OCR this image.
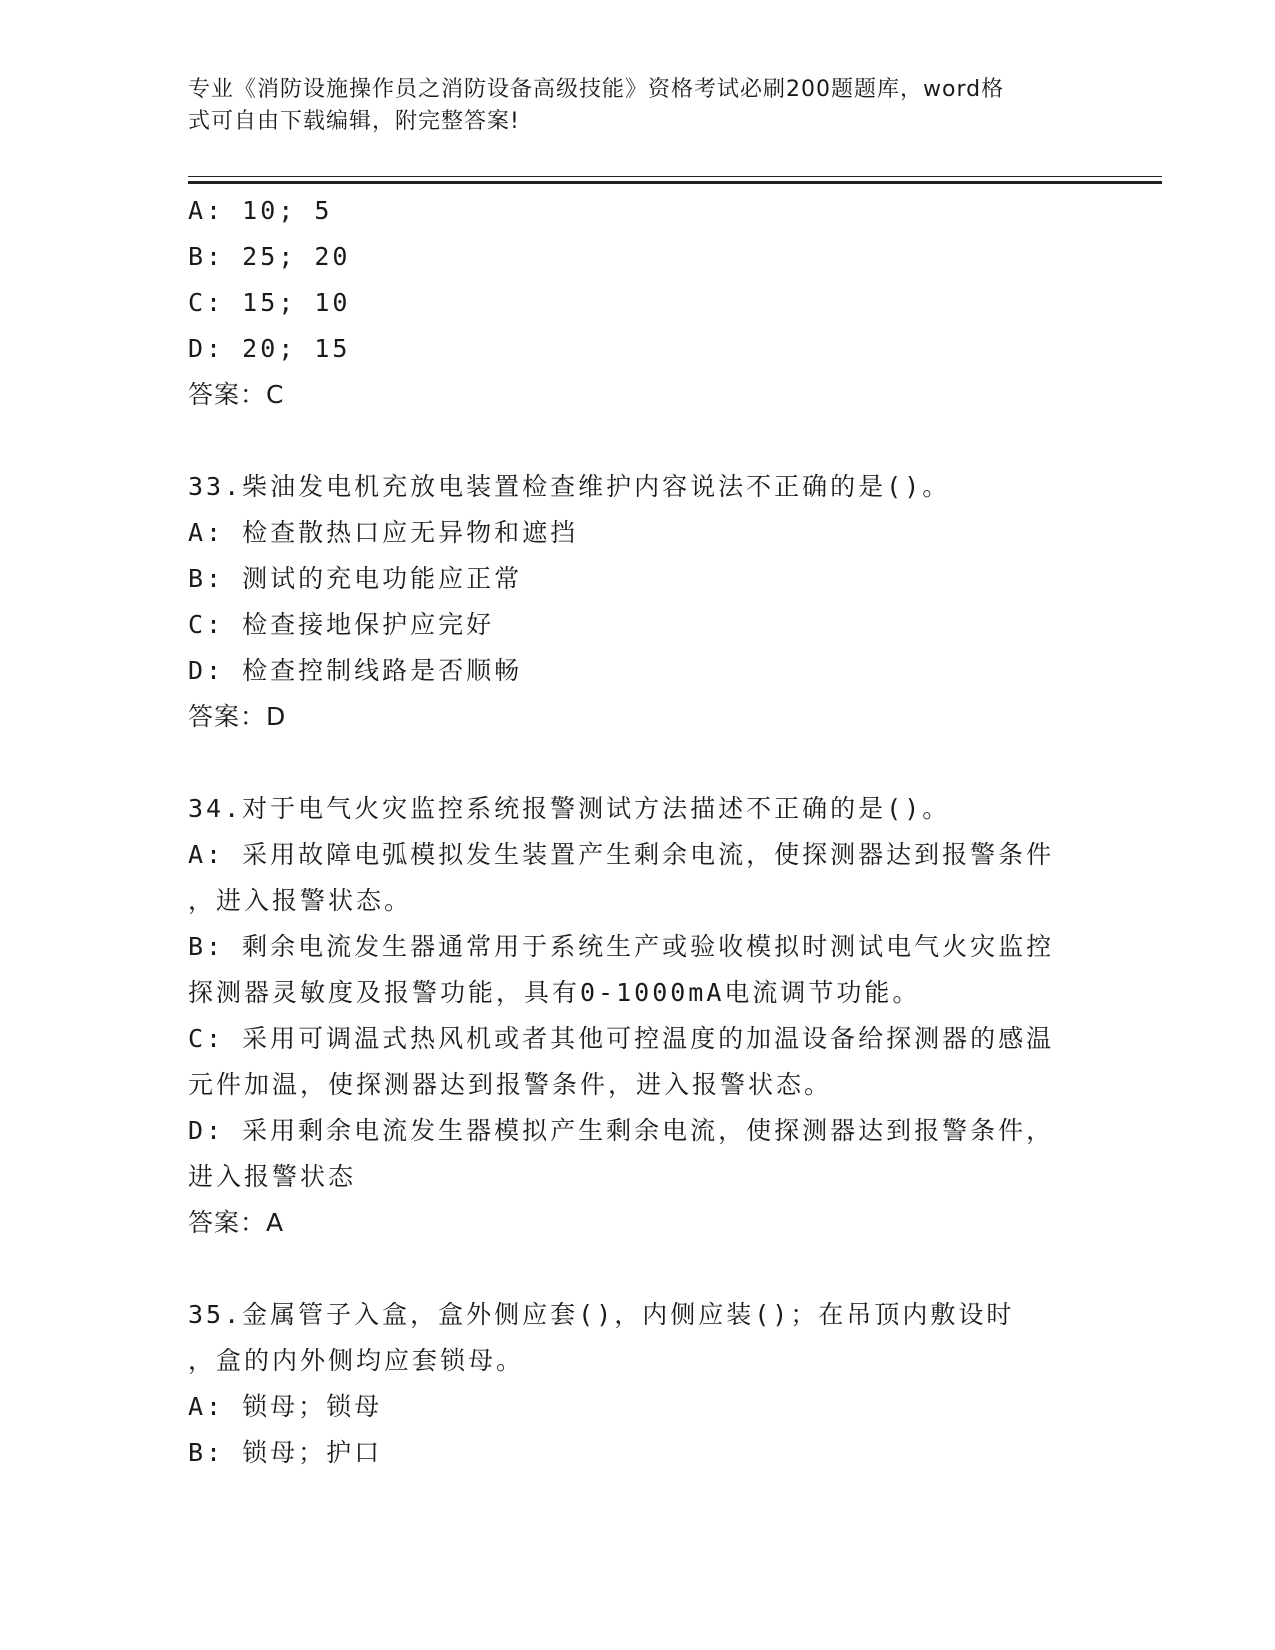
专业《消防设施操作员之消防设备高级技能》资格考试必刷200题题库，word格
式可自由下载编辑，附完整答案!

A: 10; 5

B: 25; 20

C: 15; 10

D: 20; 15

答案：C

33.柴油发电机充放电装置检查维护内容说法不正确的是()。

A: 检查散热口应无异物和遮挡

B: 测试的充电功能应正常

C: 检查接地保护应完好

D: 检查控制线路是否顺畅

答案：D

34.对于电气火灾监控系统报警测试方法描述不正确的是()。

A: 采用故障电弧模拟发生装置产生剩余电流，使探测器达到报警条件

，进入报警状态。

B: 剩余电流发生器通常用于系统生产或验收模拟时测试电气火灾监控

探测器灵敏度及报警功能，具有0-1000mA电流调节功能。

C: 采用可调温式热风机或者其他可控温度的加温设备给探测器的感温

元件加温，使探测器达到报警条件，进入报警状态。

D: 采用剩余电流发生器模拟产生剩余电流，使探测器达到报警条件，

进入报警状态

答案：A

35.金属管子入盒，盒外侧应套()，内侧应装()；在吊顶内敷设时

，盒的内外侧均应套锁母。

A: 锁母；锁母

B: 锁母；护口
